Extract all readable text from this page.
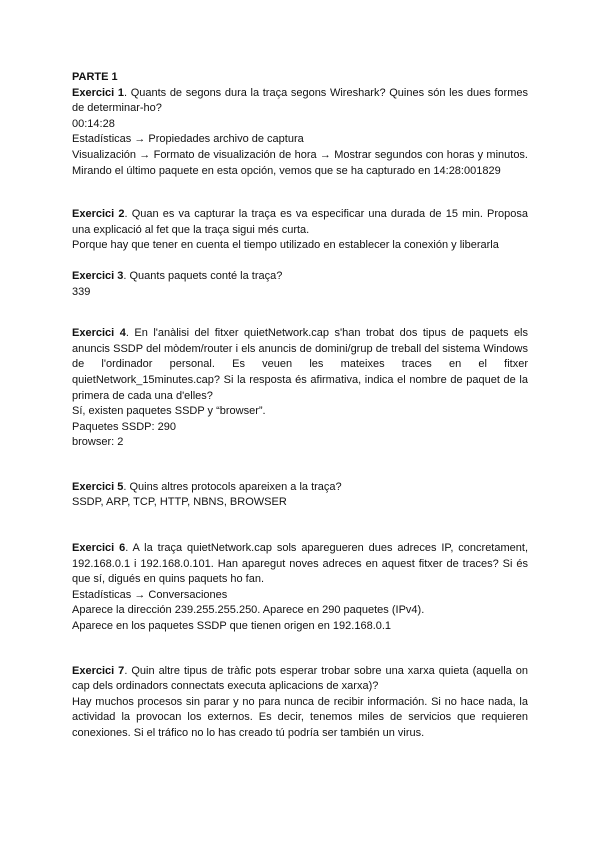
PARTE 1

Exercici 1. Quants de segons dura la traça segons Wireshark? Quines són les dues formes de determinar-ho?

00:14:28

Estadísticas → Propiedades archivo de captura

Visualización → Formato de visualización de hora → Mostrar segundos con horas y minutos. Mirando el último paquete en esta opción, vemos que se ha capturado en 14:28:001829

Exercici 2. Quan es va capturar la traça es va especificar una durada de 15 min. Proposa una explicació al fet que la traça sigui més curta.

Porque hay que tener en cuenta el tiempo utilizado en establecer la conexión y liberarla

Exercici 3. Quants paquets conté la traça?

339

Exercici 4. En l'anàlisi del fitxer quietNetwork.cap s'han trobat dos tipus de paquets els anuncis SSDP del mòdem/router i els anuncis de domini/grup de treball del sistema Windows de l'ordinador personal. Es veuen les mateixes traces en el fitxer quietNetwork_15minutes.cap? Si la resposta és afirmativa, indica el nombre de paquet de la primera de cada una d'elles?

Sí, existen paquetes SSDP y “browser”.

Paquetes SSDP: 290

browser: 2

Exercici 5. Quins altres protocols apareixen a la traça?

SSDP, ARP, TCP, HTTP, NBNS, BROWSER

Exercici 6. A la traça quietNetwork.cap sols aparegueren dues adreces IP, concretament, 192.168.0.1 i 192.168.0.101. Han aparegut noves adreces en aquest fitxer de traces? Si és que sí, digués en quins paquets ho fan.

Estadísticas → Conversaciones

Aparece la dirección 239.255.255.250. Aparece en 290 paquetes (IPv4).

Aparece en los paquetes SSDP que tienen origen en 192.168.0.1

Exercici 7. Quin altre tipus de tràfic pots esperar trobar sobre una xarxa quieta (aquella on cap dels ordinadors connectats executa aplicacions de xarxa)?

Hay muchos procesos sin parar y no para nunca de recibir información. Si no hace nada, la actividad la provocan los externos. Es decir, tenemos miles de servicios que requieren conexiones. Si el tráfico no lo has creado tú podría ser también un virus.
